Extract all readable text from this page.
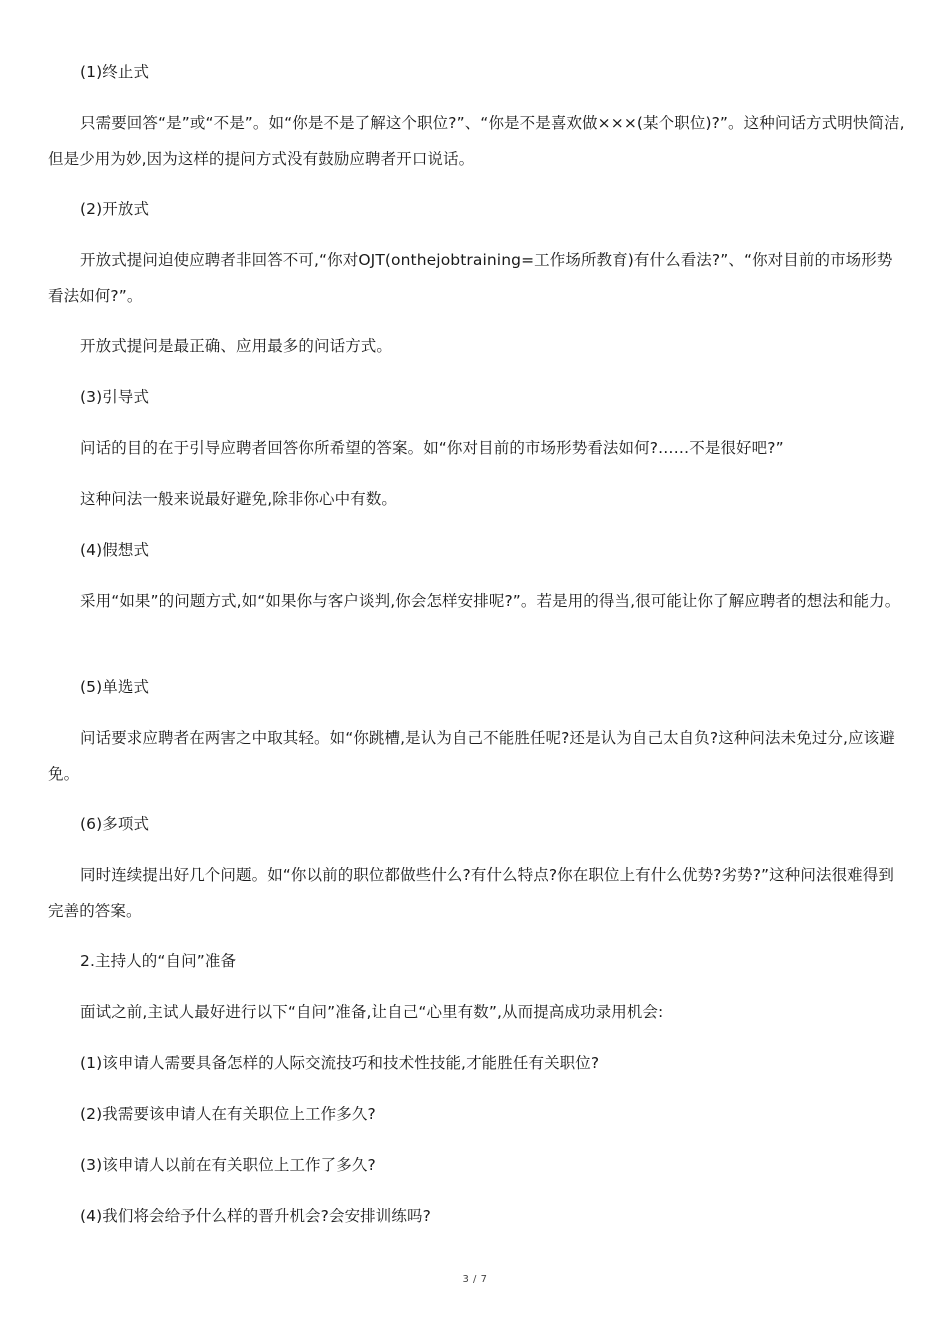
(1)终止式

只需要回答“是”或“不是”。如“你是不是了解这个职位?”、“你是不是喜欢做×××(某个职位)?”。这种问话方式明快简洁,但是少用为妙,因为这样的提问方式没有鼓励应聘者开口说话。

(2)开放式

开放式提问迫使应聘者非回答不可,“你对OJT(onthejobtraining=工作场所教育)有什么看法?”、“你对目前的市场形势看法如何?”。

开放式提问是最正确、应用最多的问话方式。

(3)引导式

问话的目的在于引导应聘者回答你所希望的答案。如“你对目前的市场形势看法如何?……不是很好吧?”

这种问法一般来说最好避免,除非你心中有数。

(4)假想式

采用“如果”的问题方式,如“如果你与客户谈判,你会怎样安排呢?”。若是用的得当,很可能让你了解应聘者的想法和能力。

(5)单选式

问话要求应聘者在两害之中取其轻。如“你跳槽,是认为自己不能胜任呢?还是认为自己太自负?这种问法未免过分,应该避免。

(6)多项式

同时连续提出好几个问题。如“你以前的职位都做些什么?有什么特点?你在职位上有什么优势?劣势?”这种问法很难得到完善的答案。

2.主持人的“自问”准备

面试之前,主试人最好进行以下“自问”准备,让自己“心里有数”,从而提高成功录用机会:

(1)该申请人需要具备怎样的人际交流技巧和技术性技能,才能胜任有关职位?

(2)我需要该申请人在有关职位上工作多久?

(3)该申请人以前在有关职位上工作了多久?

(4)我们将会给予什么样的晋升机会?会安排训练吗?

3 / 7
